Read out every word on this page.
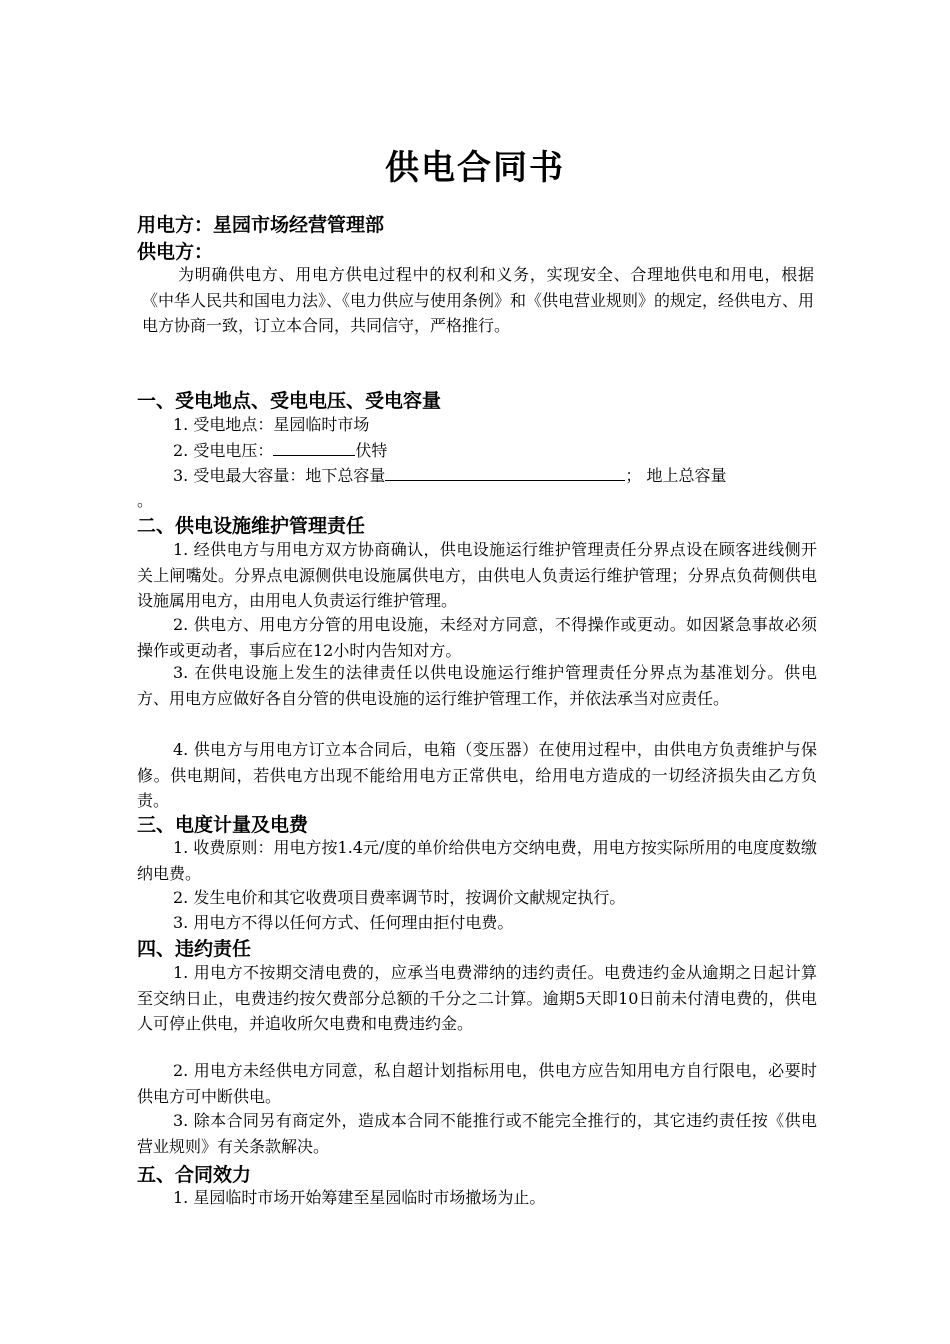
供电合同书
用电方：星园市场经营管理部
供电方：
为明确供电方、用电方供电过程中的权利和义务，实现安全、合理地供电和用电，根据《中华人民共和国电力法》、《电力供应与使用条例》和《供电营业规则》的规定，经供电方、用电方协商一致，订立本合同，共同信守，严格推行。
一、受电地点、受电电压、受电容量
1. 受电地点：星园临时市场
2. 受电电压：	伏特
3. 受电最大容量：地下总容量	； 地上总容量
。
二、供电设施维护管理责任
1. 经供电方与用电方双方协商确认，供电设施运行维护管理责任分界点设在顾客进线侧开关上闸嘴处。分界点电源侧供电设施属供电方，由供电人负责运行维护管理；分界点负荷侧供电设施属用电方，由用电人负责运行维护管理。
2. 供电方、用电方分管的用电设施，未经对方同意，不得操作或更动。如因紧急事故必须操作或更动者，事后应在12小时内告知对方。
3. 在供电设施上发生的法律责任以供电设施运行维护管理责任分界点为基准划分。供电方、用电方应做好各自分管的供电设施的运行维护管理工作，并依法承当对应责任。
4. 供电方与用电方订立本合同后，电箱（变压器）在使用过程中，由供电方负责维护与保修。供电期间，若供电方出现不能给用电方正常供电，给用电方造成的一切经济损失由乙方负责。
三、电度计量及电费
1. 收费原则：用电方按1.4元/度的单价给供电方交纳电费，用电方按实际所用的电度度数缴纳电费。
2. 发生电价和其它收费项目费率调节时，按调价文献规定执行。
3. 用电方不得以任何方式、任何理由拒付电费。
四、违约责任
1. 用电方不按期交清电费的，应承当电费滞纳的违约责任。电费违约金从逾期之日起计算至交纳日止，电费违约按欠费部分总额的千分之二计算。逾期5天即10日前未付清电费的，供电人可停止供电，并追收所欠电费和电费违约金。
2. 用电方未经供电方同意，私自超计划指标用电，供电方应告知用电方自行限电，必要时供电方可中断供电。
3. 除本合同另有商定外，造成本合同不能推行或不能完全推行的，其它违约责任按《供电营业规则》有关条款解决。
五、合同效力
1. 星园临时市场开始筹建至星园临时市场撤场为止。
